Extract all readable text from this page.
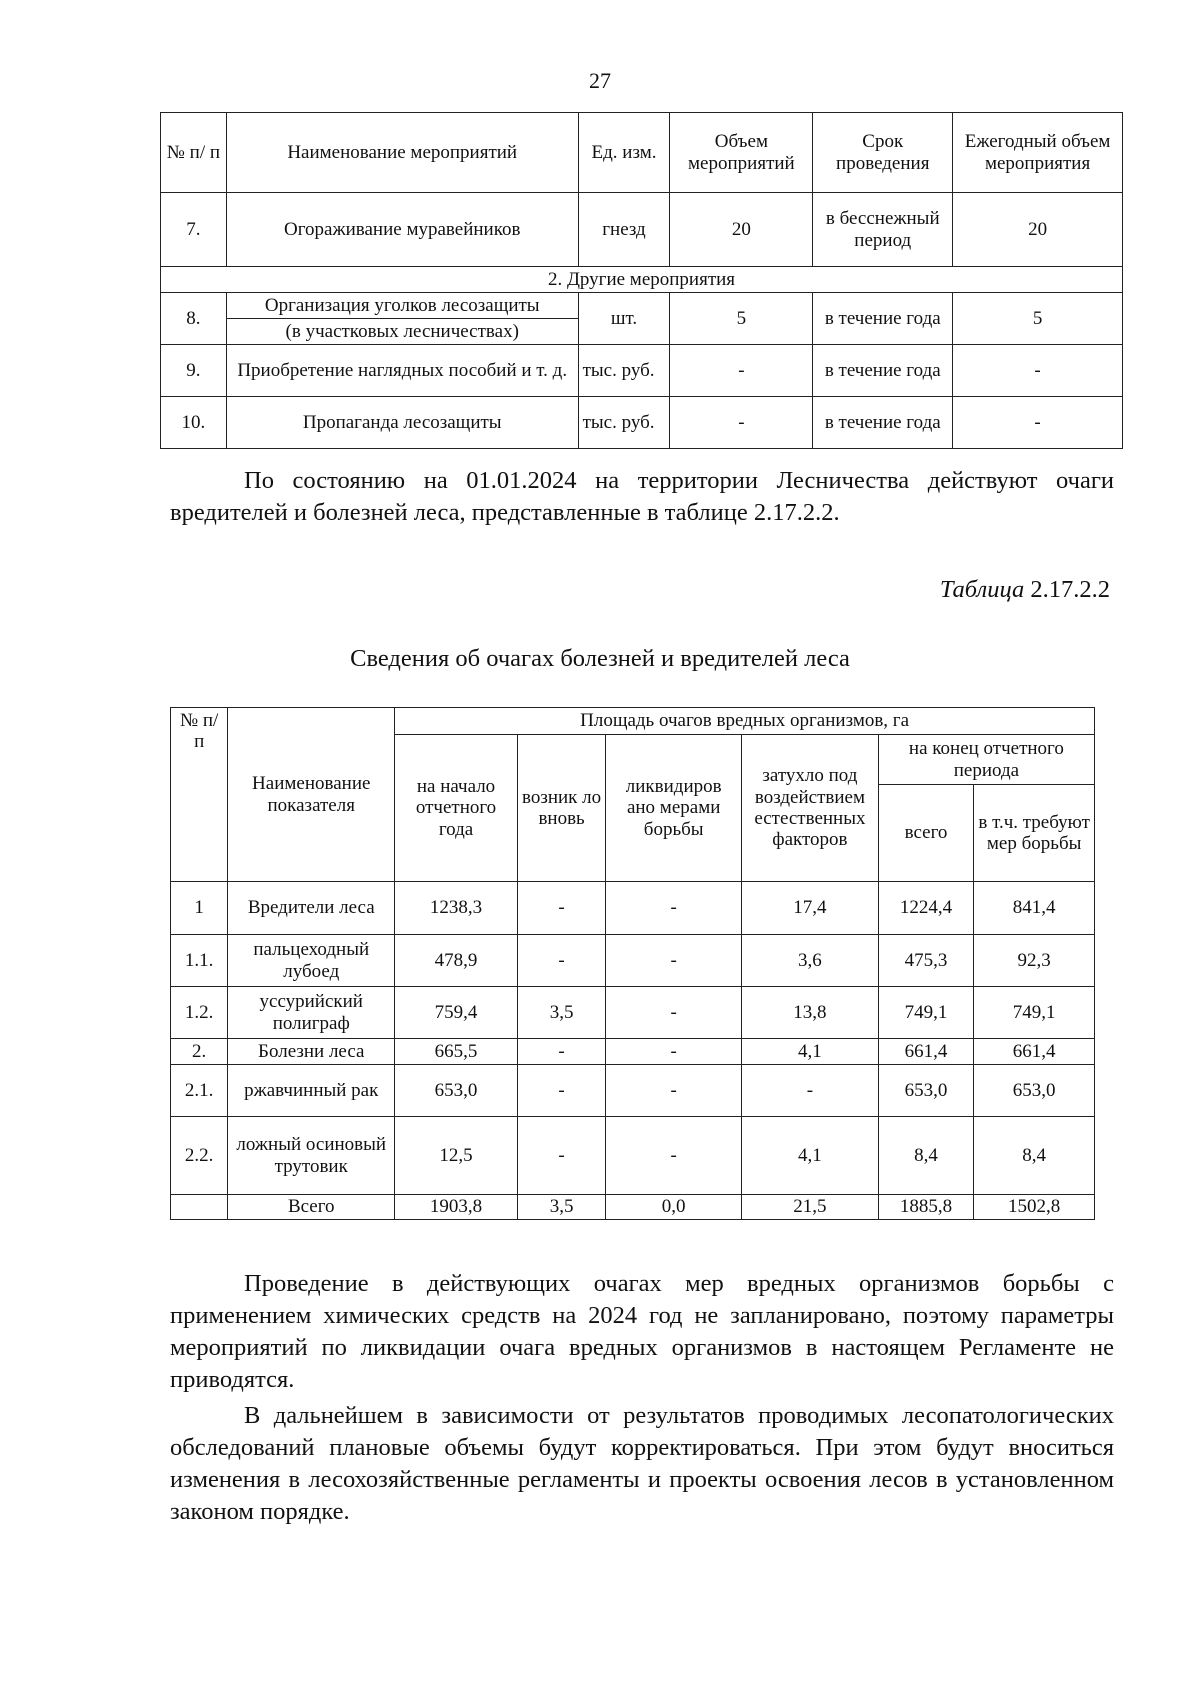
27
№ п/ п	Наименование мероприятий	Ед. изм.	Объем мероприятий	Срок проведения	Ежегодный объем мероприятия
7.	Огораживание муравейников	гнезд	20	в бесснежный период	20
2. Другие мероприятия					
8.	Организация уголков лесозащиты	шт.	5	в течение года	5
	(в участковых лесничествах)				
9.	Приобретение наглядных пособий и т. д.	тыс. руб.	-	в течение года	-
10.	Пропаганда лесозащиты	тыс. руб.	-	в течение года	-

По состоянию на 01.01.2024 на территории Лесничества действуют очаги вредителей и болезней леса, представленные в таблице 2.17.2.2.

Таблица 2.17.2.2
Сведения об очагах болезней и вредителей леса
№ п/п	Наименование показателя	Площадь очагов вредных организмов, га					
		на начало отчетного года	возник ло вновь	ликвидиров ано мерами борьбы	затухло под воздействием естественных факторов	на конец отчетного периода	
						всего	в т.ч. требуют мер борьбы
1	Вредители леса	1238,3	-	-	17,4	1224,4	841,4
1.1.	пальцеходный лубоед	478,9	-	-	3,6	475,3	92,3
1.2.	уссурийский полиграф	759,4	3,5	-	13,8	749,1	749,1
2.	Болезни леса	665,5	-	-	4,1	661,4	661,4
2.1.	ржавчинный рак	653,0	-	-	-	653,0	653,0
2.2.	ложный осиновый трутовик	12,5	-	-	4,1	8,4	8,4
	Всего	1903,8	3,5	0,0	21,5	1885,8	1502,8

Проведение в действующих очагах мер вредных организмов борьбы с применением химических средств на 2024 год не запланировано, поэтому параметры мероприятий по ликвидации очага вредных организмов в настоящем Регламенте не приводятся.

В дальнейшем в зависимости от результатов проводимых лесопатологических обследований плановые объемы будут корректироваться. При этом будут вноситься изменения в лесохозяйственные регламенты и проекты освоения лесов в установленном законом порядке.
